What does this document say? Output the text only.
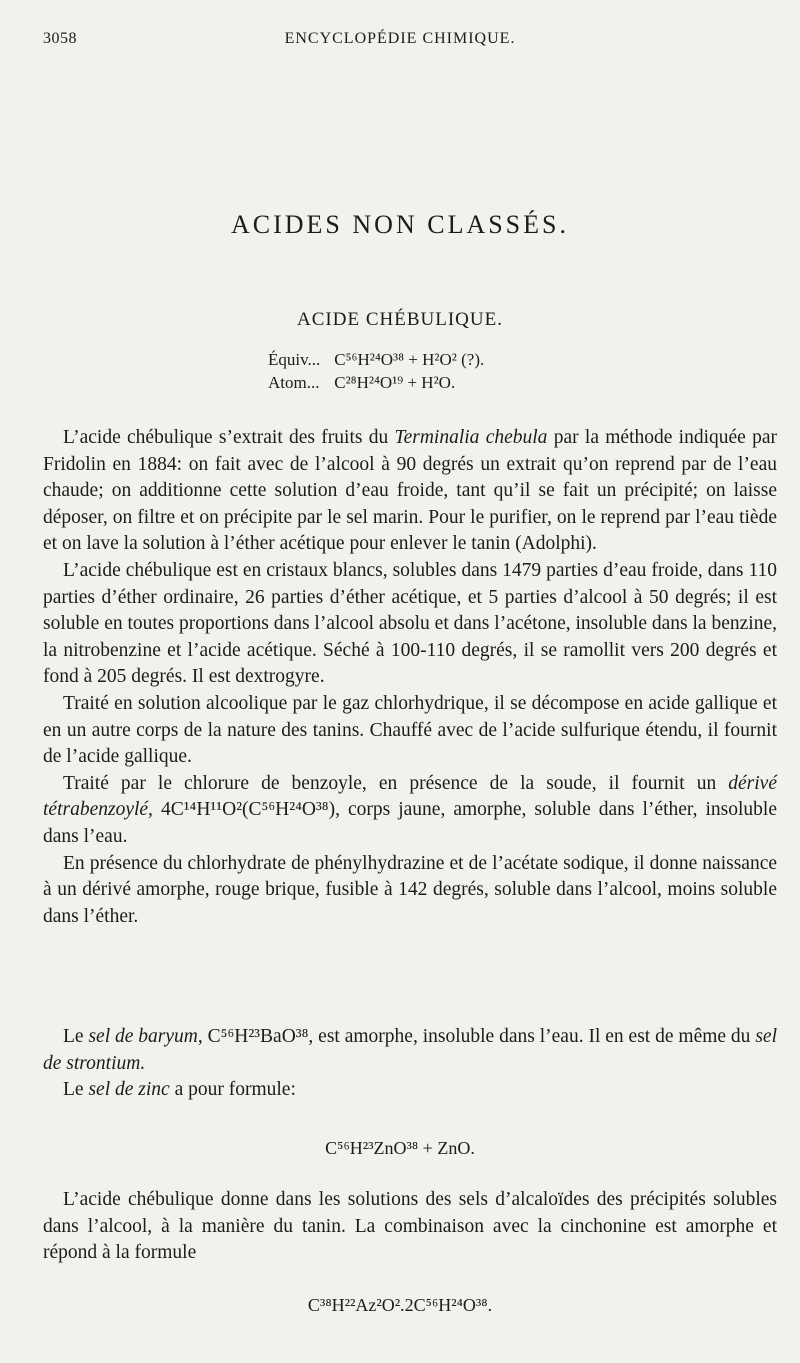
3058	ENCYCLOPÉDIE CHIMIQUE.
ACIDES NON CLASSÉS.
ACIDE CHÉBULIQUE.
Équiv... C⁵⁶H²⁴O³⁸ + H²O² (?).
Atom... C²⁸H²⁴O¹⁹ + H²O.

L’acide chébulique s’extrait des fruits du Terminalia chebula par la méthode indiquée par Fridolin en 1884: on fait avec de l’alcool à 90 degrés un extrait qu’on reprend par de l’eau chaude; on additionne cette solution d’eau froide, tant qu’il se fait un précipité; on laisse déposer, on filtre et on précipite par le sel marin. Pour le purifier, on le reprend par l’eau tiède et on lave la solution à l’éther acétique pour enlever le tanin (Adolphi).

L’acide chébulique est en cristaux blancs, solubles dans 1479 parties d’eau froide, dans 110 parties d’éther ordinaire, 26 parties d’éther acétique, et 5 parties d’alcool à 50 degrés; il est soluble en toutes proportions dans l’alcool absolu et dans l’acétone, insoluble dans la benzine, la nitrobenzine et l’acide acétique. Séché à 100-110 degrés, il se ramollit vers 200 degrés et fond à 205 degrés. Il est dextrogyre.

Traité en solution alcoolique par le gaz chlorhydrique, il se décompose en acide gallique et en un autre corps de la nature des tanins. Chauffé avec de l’acide sulfurique étendu, il fournit de l’acide gallique.

Traité par le chlorure de benzoyle, en présence de la soude, il fournit un dérivé tétrabenzoylé, 4C¹⁴H¹¹O²(C⁵⁶H²⁴O³⁸), corps jaune, amorphe, soluble dans l’éther, insoluble dans l’eau.

En présence du chlorhydrate de phénylhydrazine et de l’acétate sodique, il donne naissance à un dérivé amorphe, rouge brique, fusible à 142 degrés, soluble dans l’alcool, moins soluble dans l’éther.

Le sel de baryum, C⁵⁶H²³BaO³⁸, est amorphe, insoluble dans l’eau. Il en est de même du sel de strontium.

Le sel de zinc a pour formule:

C⁵⁶H²³ZnO³⁸ + ZnO.

L’acide chébulique donne dans les solutions des sels d’alcaloïdes des précipités solubles dans l’alcool, à la manière du tanin. La combinaison avec la cinchonine est amorphe et répond à la formule

C³⁸H²²Az²O².2C⁵⁶H²⁴O³⁸.
